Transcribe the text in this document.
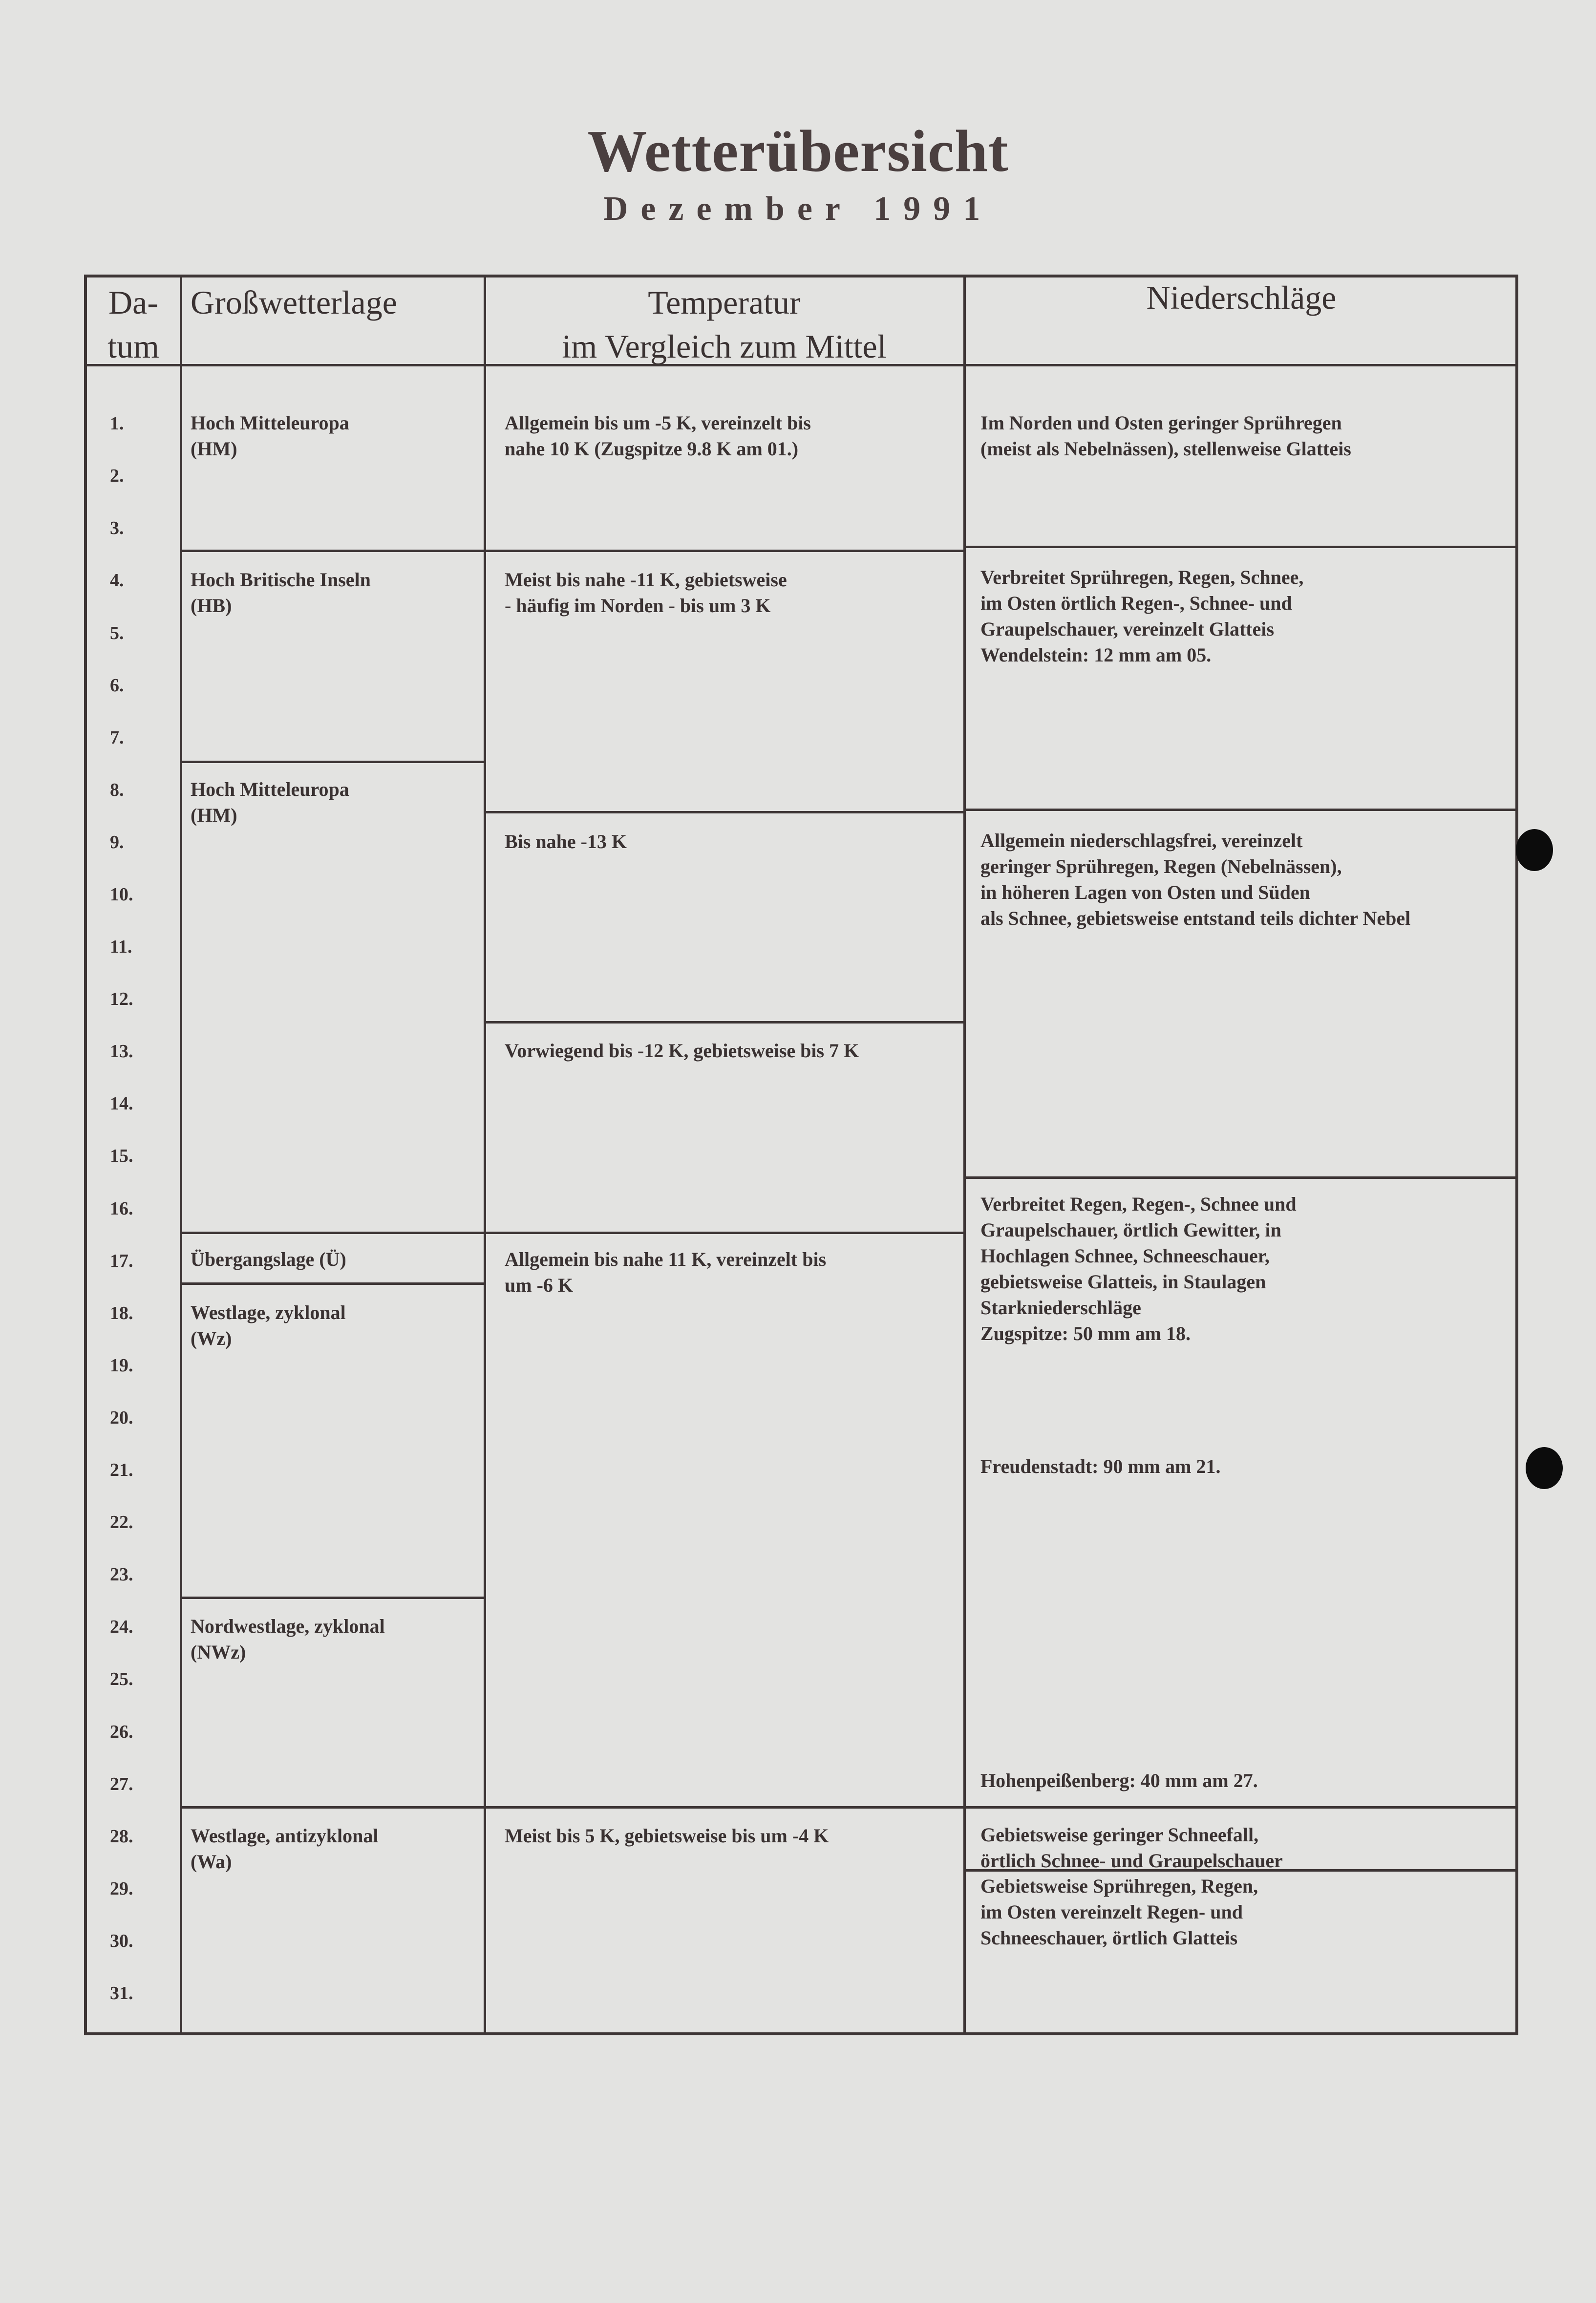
Wetterübersicht
Dezember 1991
Da-
tum
Großwetterlage	Temperatur
im Vergleich zum Mittel
Niederschläge
1.
2.
3.
4.
5.
6.
7.
8.
9.
10.
11.
12.
13.
14.
15.
16.
17.
18.
19.
20.
21.
22.
23.
24.
25.
26.
27.
28.
29.
30.
31.
Hoch Mitteleuropa
(HM)
Hoch Britische Inseln
(HB)
Hoch Mitteleuropa
(HM)
Übergangslage (Ü)
Westlage, zyklonal
(Wz)
Nordwestlage, zyklonal
(NWz)
Westlage, antizyklonal
(Wa)
Allgemein bis um -5 K, vereinzelt bis
nahe 10 K (Zugspitze 9.8 K am 01.)
Meist bis nahe -11 K, gebietsweise
- häufig im Norden - bis um 3 K
Bis nahe -13 K
Vorwiegend bis -12 K, gebietsweise bis 7 K
Allgemein bis nahe 11 K, vereinzelt bis
um -6 K
Meist bis 5 K, gebietsweise bis um -4 K
Im Norden und Osten geringer Sprühregen
(meist als Nebelnässen), stellenweise Glatteis
Verbreitet Sprühregen, Regen, Schnee,
im Osten örtlich Regen-, Schnee- und
Graupelschauer, vereinzelt Glatteis
Wendelstein: 12 mm am 05.
Allgemein niederschlagsfrei, vereinzelt
geringer Sprühregen, Regen (Nebelnässen),
in höheren Lagen von Osten und Süden
als Schnee, gebietsweise entstand teils dichter Nebel
Verbreitet Regen, Regen-, Schnee und
Graupelschauer, örtlich Gewitter, in
Hochlagen Schnee, Schneeschauer,
gebietsweise Glatteis, in Staulagen
Starkniederschläge
Zugspitze: 50 mm am 18.
Freudenstadt: 90 mm am 21.
Hohenpeißenberg: 40 mm am 27.
Gebietsweise geringer Schneefall,
örtlich Schnee- und Graupelschauer
Gebietsweise Sprühregen, Regen,
im Osten vereinzelt Regen- und
Schneeschauer, örtlich Glatteis
